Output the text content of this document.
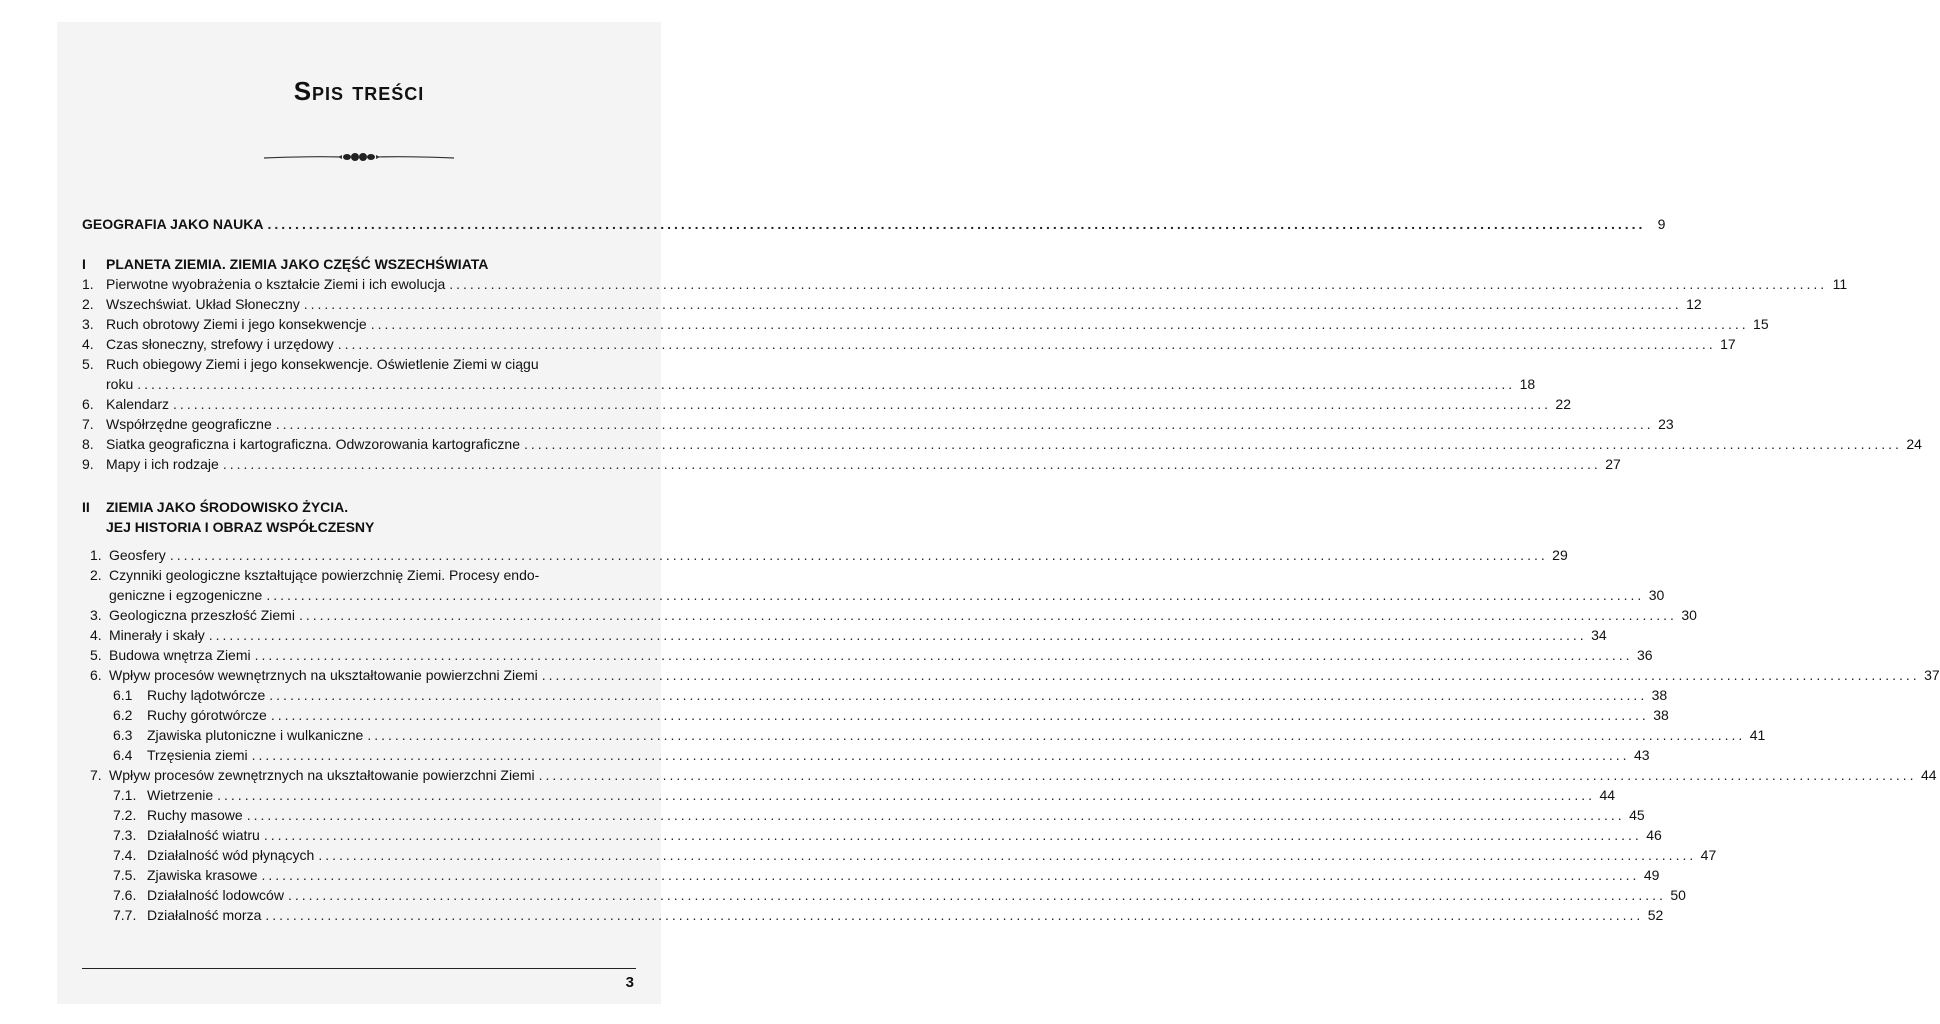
Spis treści
GEOGRAFIA JAKO NAUKA ........................................................................................................................................................................................................ 9
I	PLANETA ZIEMIA. ZIEMIA JAKO CZĘŚĆ WSZECHŚWIATA
1. Pierwotne wyobrażenia o kształcie Ziemi i ich ewolucja ........................................................................................................................................................................................................ 11
2. Wszechświat. Układ Słoneczny ........................................................................................................................................................................................................ 12
3. Ruch obrotowy Ziemi i jego konsekwencje ........................................................................................................................................................................................................ 15
4. Czas słoneczny, strefowy i urzędowy ........................................................................................................................................................................................................ 17
5. Ruch obiegowy Ziemi i jego konsekwencje. Oświetlenie Ziemi w ciągu
roku ........................................................................................................................................................................................................ 18
6. Kalendarz ........................................................................................................................................................................................................ 22
7. Współrzędne geograficzne ........................................................................................................................................................................................................ 23
8. Siatka geograficzna i kartograficzna. Odwzorowania kartograficzne ........................................................................................................................................................................................................ 24
9. Mapy i ich rodzaje ........................................................................................................................................................................................................ 27
II	ZIEMIA JAKO ŚRODOWISKO ŻYCIA.
JEJ HISTORIA I OBRAZ WSPÓŁCZESNY
1. Geosfery ........................................................................................................................................................................................................ 29
2. Czynniki geologiczne kształtujące powierzchnię Ziemi. Procesy endo-
geniczne i egzogeniczne ........................................................................................................................................................................................................ 30
3. Geologiczna przeszłość Ziemi ........................................................................................................................................................................................................ 30
4. Minerały i skały ........................................................................................................................................................................................................ 34
5. Budowa wnętrza Ziemi ........................................................................................................................................................................................................ 36
6. Wpływ procesów wewnętrznych na ukształtowanie powierzchni Ziemi ........................................................................................................................................................................................................ 37
6.1	Ruchy lądotwórcze ........................................................................................................................................................................................................ 38
6.2	Ruchy górotwórcze ........................................................................................................................................................................................................ 38
6.3	Zjawiska plutoniczne i wulkaniczne ........................................................................................................................................................................................................ 41
6.4	Trzęsienia ziemi ........................................................................................................................................................................................................ 43
7. Wpływ procesów zewnętrznych na ukształtowanie powierzchni Ziemi ........................................................................................................................................................................................................ 44
7.1. Wietrzenie ........................................................................................................................................................................................................ 44
7.2. Ruchy masowe ........................................................................................................................................................................................................ 45
7.3. Działalność wiatru ........................................................................................................................................................................................................ 46
7.4. Działalność wód płynących ........................................................................................................................................................................................................ 47
7.5. Zjawiska krasowe ........................................................................................................................................................................................................ 49
7.6. Działalność lodowców ........................................................................................................................................................................................................ 50
7.7. Działalność morza ........................................................................................................................................................................................................ 52
3
